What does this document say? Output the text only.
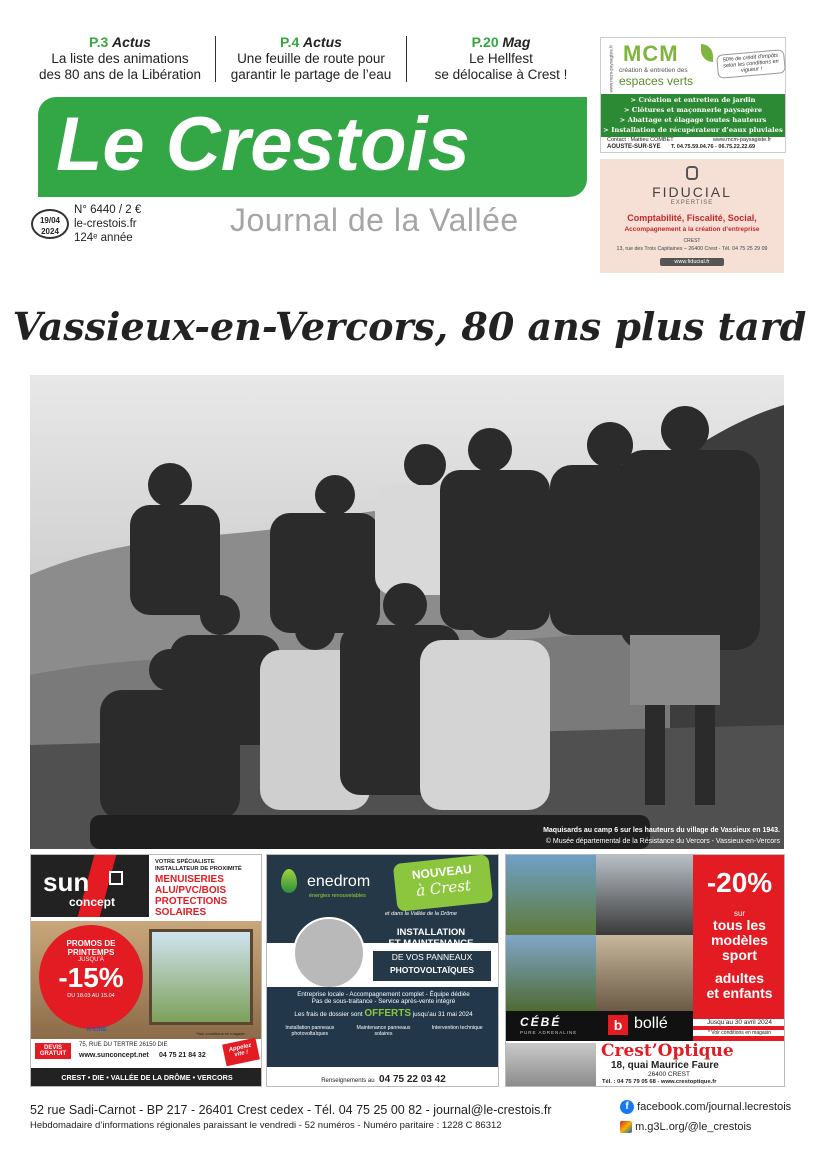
P.3 Actus
La liste des animations
des 80 ans de la Libération
P.4 Actus
Une feuille de route pour
garantir le partage de l’eau
P.20 Mag
Le Hellfest
se délocalise à Crest !
Le Crestois
Journal de la Vallée
19/04
2024
N° 6440 / 2 €
le-crestois.fr
124ᵉ année
www.mcm-paysagiste.fr MCM
création & entretien des
espaces verts
50% de crédit d’impôts selon les conditions en vigueur !
> Création et entretien de jardin
> Clôtures et maçonnerie paysagère
> Abattage et élagage toutes hauteurs
> Installation de récupérateur d’eaux pluviales
Contact : Mattieu COMBET	www.mcm-paysagiste.fr
AOUSTE-SUR-SYE T. 04.75.59.04.76 - 06.75.22.22.69
FIDUCIAL
EXPERTISE
Comptabilité, Fiscalité, Social,
Accompagnement à la création d’entreprise
CREST
13, rue des Trois Capitaines – 26400 Crest - Tél. 04 75 25 29 09
www.fiducial.fr
Vassieux-en-Vercors, 80 ans plus tard
Maquisards au camp 6 sur les hauteurs du village de Vassieux en 1943.
© Musée départemental de la Résistance du Vercors - Vassieux-en-Vercors
sun
concept
VOTRE SPÉCIALISTE
INSTALLATEUR DE PROXIMITÉ
MENUISERIES
ALU/PVC/BOIS
PROTECTIONS
SOLAIRES
PROMOS DE
PRINTEMPS
JUSQU’À
-15%
DU 18.03 AU 15.04
K-LINE
*Voir conditions en magasin
DEVIS GRATUIT
75, RUE DU TERTRE 26150 DIE
www.sunconcept.net 04 75 21 84 32
Appelez vite !
CREST • DIE • VALLÉE DE LA DRÔME • VERCORS
enedrom
énergies renouvelables
NOUVEAU
à Crest
et dans la Vallée de la Drôme
INSTALLATION
ET MAINTENANCE
DE VOS PANNEAUX
PHOTOVOLTAÏQUES
Entreprise locale - Accompagnement complet - Équipe dédiée
Pas de sous-traitance - Service après-vente intégré
Les frais de dossier sont OFFERTS jusqu’au 31 mai 2024
Installation panneaux photovoltaïques
Maintenance panneaux solaires
Intervention technique
Renseignements au 04 75 22 03 42
CÉBÉ
PURE ADRENALINE	b bollé
-20%
sur
tous les
modèles
sport
adultes
et enfants
Jusqu’au 30 avril 2024
* Voir conditions en magasin
Crest’Optique
18, quai Maurice Faure
26400 CREST
Tél. : 04 75 79 05 68 - www.crestoptique.fr
52 rue Sadi-Carnot - BP 217 - 26401 Crest cedex - Tél. 04 75 25 00 82 - journal@le-crestois.fr
Hebdomadaire d’informations régionales paraissant le vendredi - 52 numéros - Numéro paritaire : 1228 C 86312
f facebook.com/journal.lecrestois
m.g3L.org/@le_crestois
